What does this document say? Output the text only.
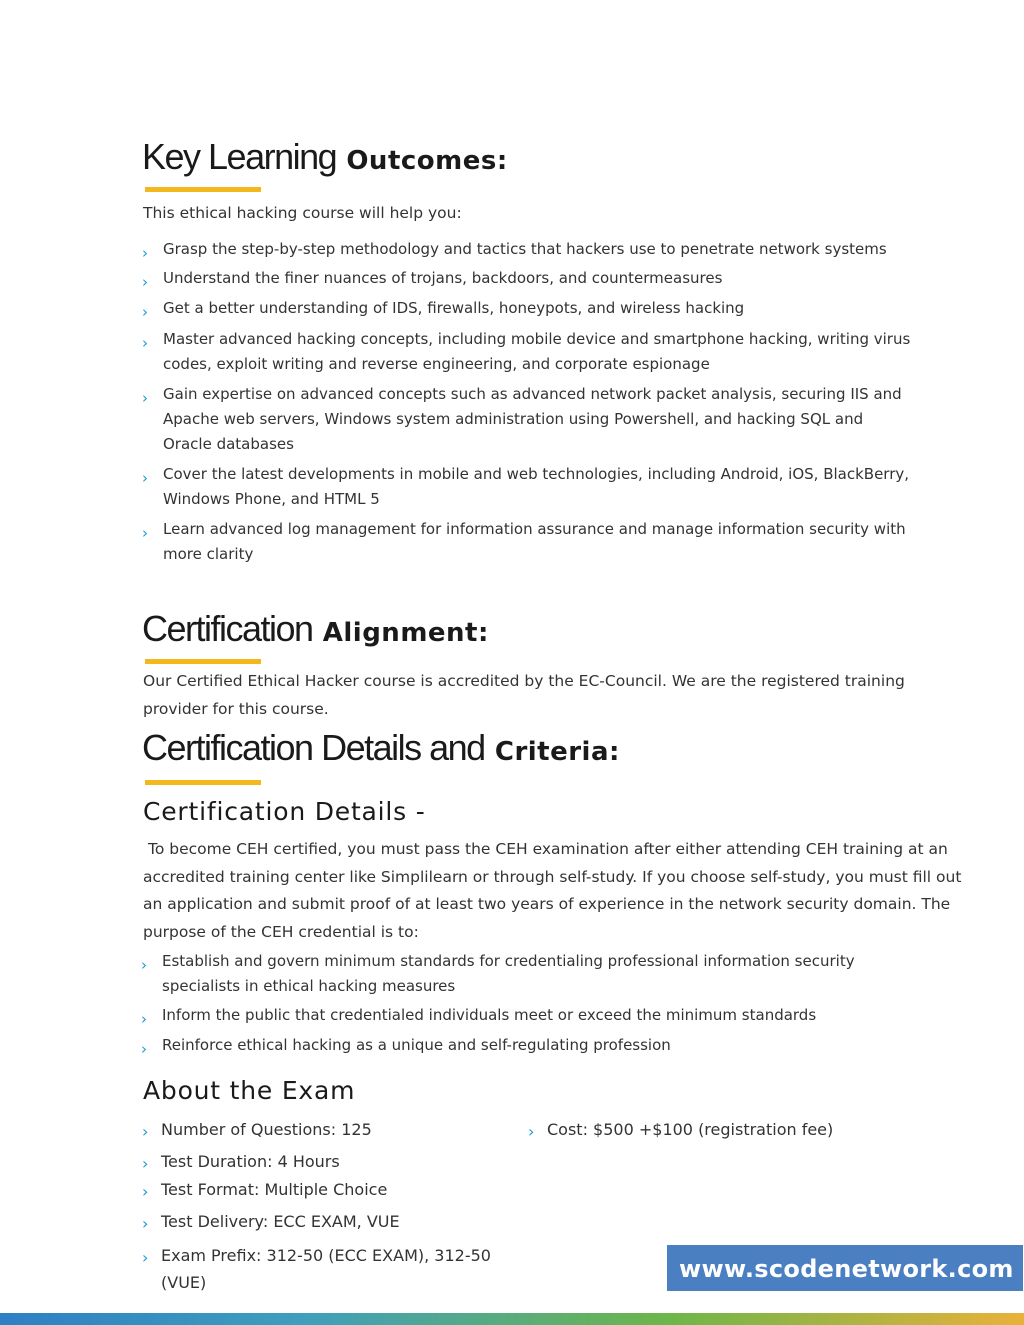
Key Learning Outcomes:

This ethical hacking course will help you:

› Grasp the step-by-step methodology and tactics that hackers use to penetrate network systems
› Understand the finer nuances of trojans, backdoors, and countermeasures
› Get a better understanding of IDS, firewalls, honeypots, and wireless hacking
› Master advanced hacking concepts, including mobile device and smartphone hacking, writing virus codes, exploit writing and reverse engineering, and corporate espionage
› Gain expertise on advanced concepts such as advanced network packet analysis, securing IIS and Apache web servers, Windows system administration using Powershell, and hacking SQL and Oracle databases
› Cover the latest developments in mobile and web technologies, including Android, iOS, BlackBerry, Windows Phone, and HTML 5
› Learn advanced log management for information assurance and manage information security with more clarity
Certification Alignment:

Our Certified Ethical Hacker course is accredited by the EC-Council. We are the registered training provider for this course.

Certification Details and Criteria:
Certification Details -

To become CEH certified, you must pass the CEH examination after either attending CEH training at an accredited training center like Simplilearn or through self-study. If you choose self-study, you must fill out an application and submit proof of at least two years of experience in the network security domain. The purpose of the CEH credential is to:

› Establish and govern minimum standards for credentialing professional information security specialists in ethical hacking measures
› Inform the public that credentialed individuals meet or exceed the minimum standards
› Reinforce ethical hacking as a unique and self-regulating profession
About the Exam
› Number of Questions: 125	› Cost: $500 +$100 (registration fee)
› Test Duration: 4 Hours
› Test Format: Multiple Choice
› Test Delivery: ECC EXAM, VUE
› Exam Prefix: 312-50 (ECC EXAM), 312-50 (VUE)	www.scodenetwork.com
